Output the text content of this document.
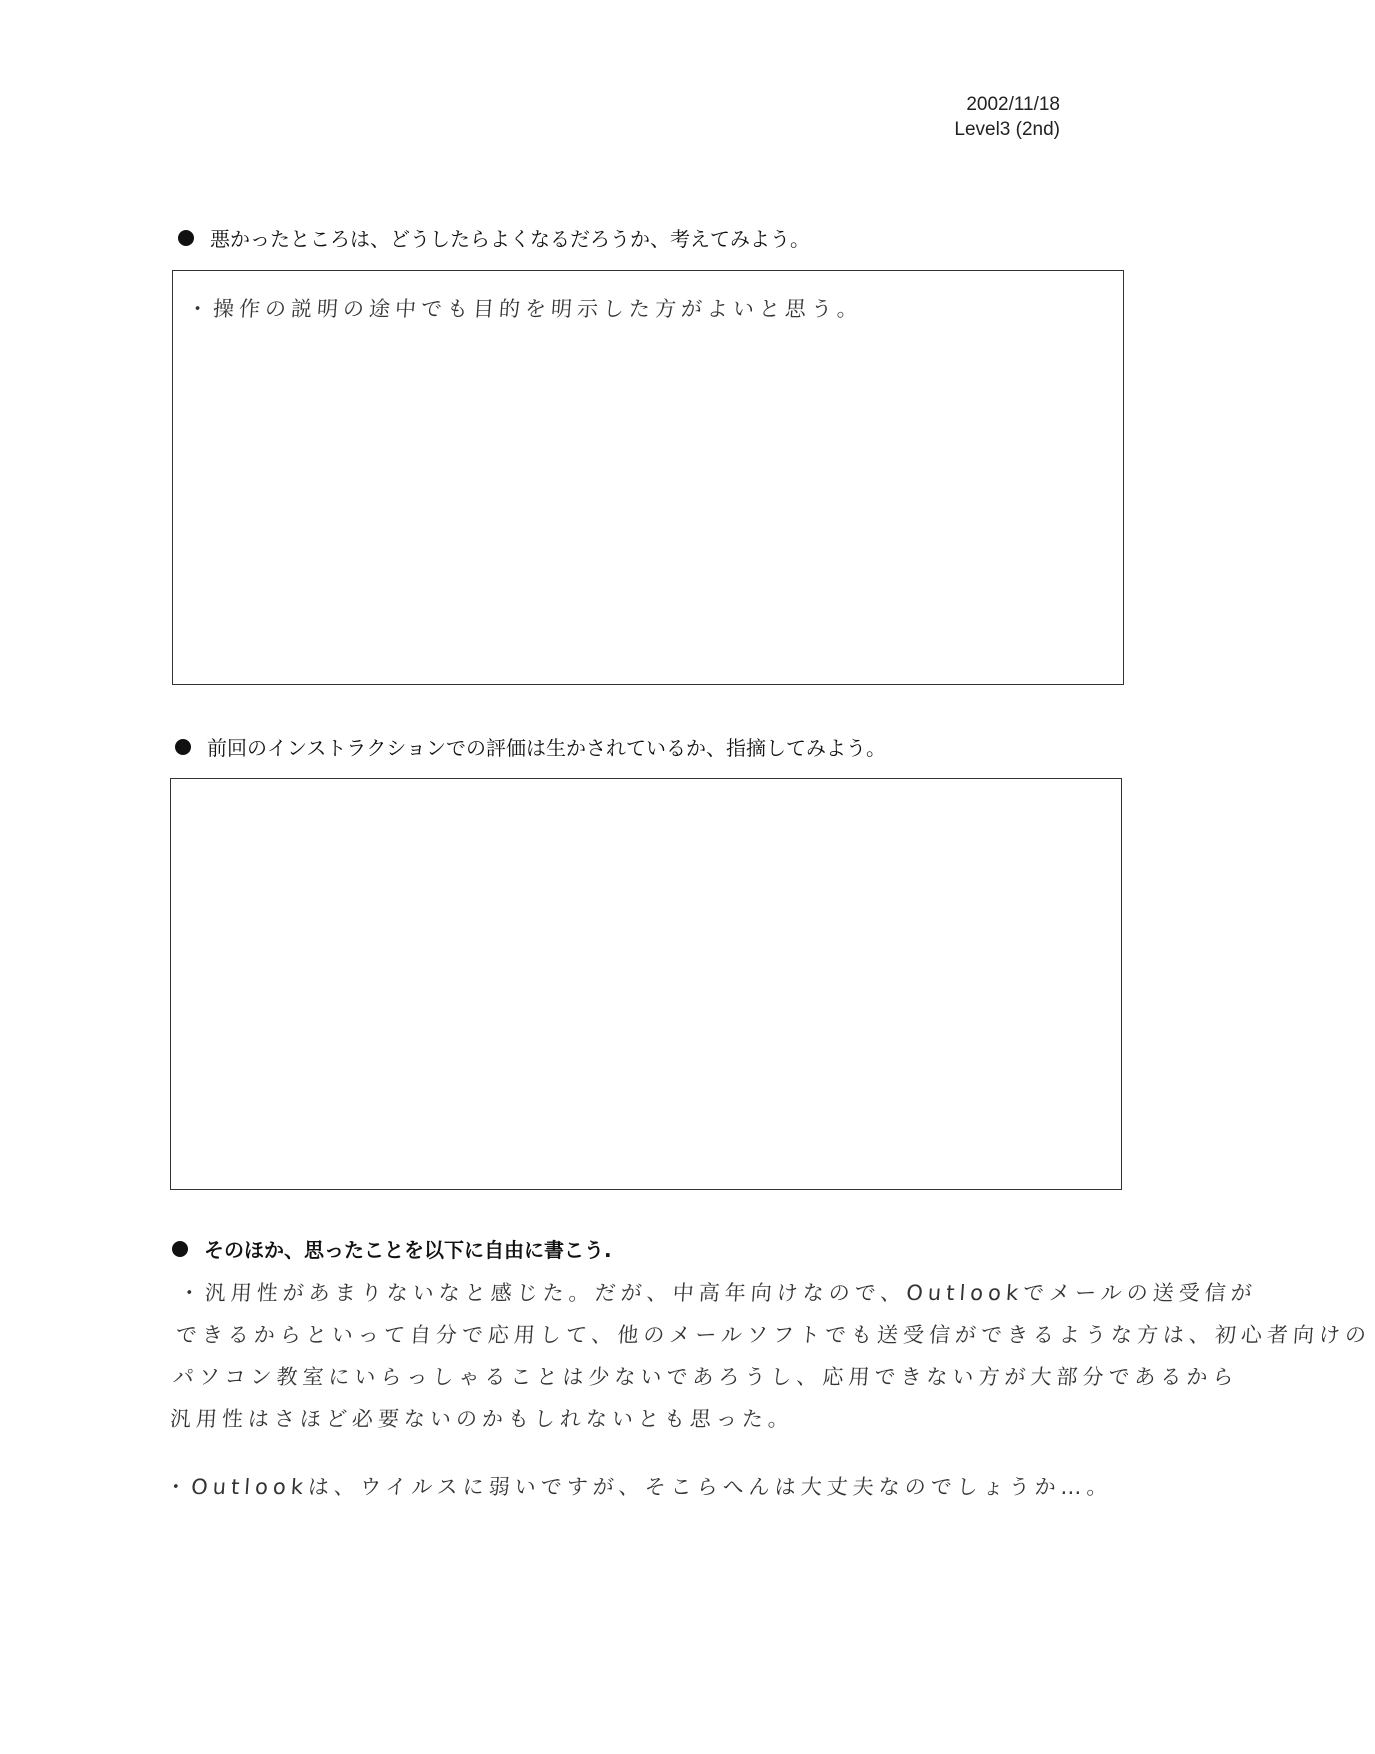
2002/11/18
Level3 (2nd)
悪かったところは、どうしたらよくなるだろうか、考えてみよう。
・操作の説明の途中でも目的を明示した方がよいと思う。
前回のインストラクションでの評価は生かされているか、指摘してみよう。
そのほか、思ったことを以下に自由に書こう.
・汎用性があまりないなと感じた。だが、中高年向けなので、Outlookでメールの送受信が
できるからといって自分で応用して、他のメールソフトでも送受信ができるような方は、初心者向けの
パソコン教室にいらっしゃることは少ないであろうし、応用できない方が大部分であるから
汎用性はさほど必要ないのかもしれないとも思った。
・Outlookは、ウイルスに弱いですが、そこらへんは大丈夫なのでしょうか…。
